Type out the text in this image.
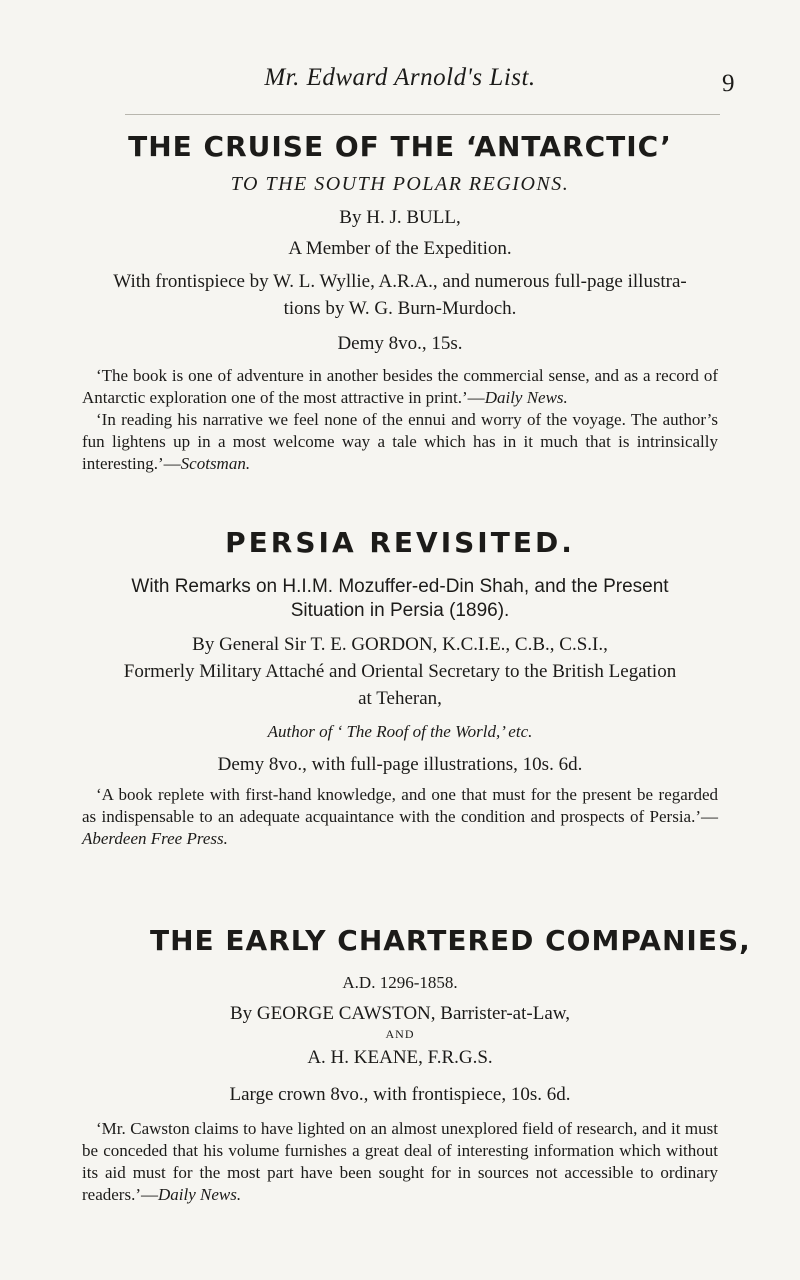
Mr. Edward Arnold's List.	9
THE CRUISE OF THE ‘ANTARCTIC’
TO THE SOUTH POLAR REGIONS.
By H. J. BULL,
A Member of the Expedition.
With frontispiece by W. L. Wyllie, A.R.A., and numerous full-page illustra-
tions by W. G. Burn-Murdoch.
Demy 8vo., 15s.
‘The book is one of adventure in another besides the commercial sense, and as a record of Antarctic exploration one of the most attractive in print.’—Daily News.
‘In reading his narrative we feel none of the ennui and worry of the voyage. The author’s fun lightens up in a most welcome way a tale which has in it much that is intrinsically interesting.’—Scotsman.
PERSIA REVISITED.
With Remarks on H.I.M. Mozuffer-ed-Din Shah, and the Present
Situation in Persia (1896).
By General Sir T. E. GORDON, K.C.I.E., C.B., C.S.I.,
Formerly Military Attaché and Oriental Secretary to the British Legation
at Teheran,
Author of ‘ The Roof of the World,’ etc.
Demy 8vo., with full-page illustrations, 10s. 6d.
‘A book replete with first-hand knowledge, and one that must for the present be regarded as indispensable to an adequate acquaintance with the condition and prospects of Persia.’—Aberdeen Free Press.
THE EARLY CHARTERED COMPANIES,
A.D. 1296-1858.
By GEORGE CAWSTON, Barrister-at-Law,
AND
A. H. KEANE, F.R.G.S.
Large crown 8vo., with frontispiece, 10s. 6d.
‘Mr. Cawston claims to have lighted on an almost unexplored field of research, and it must be conceded that his volume furnishes a great deal of interesting information which without its aid must for the most part have been sought for in sources not accessible to ordinary readers.’—Daily News.
